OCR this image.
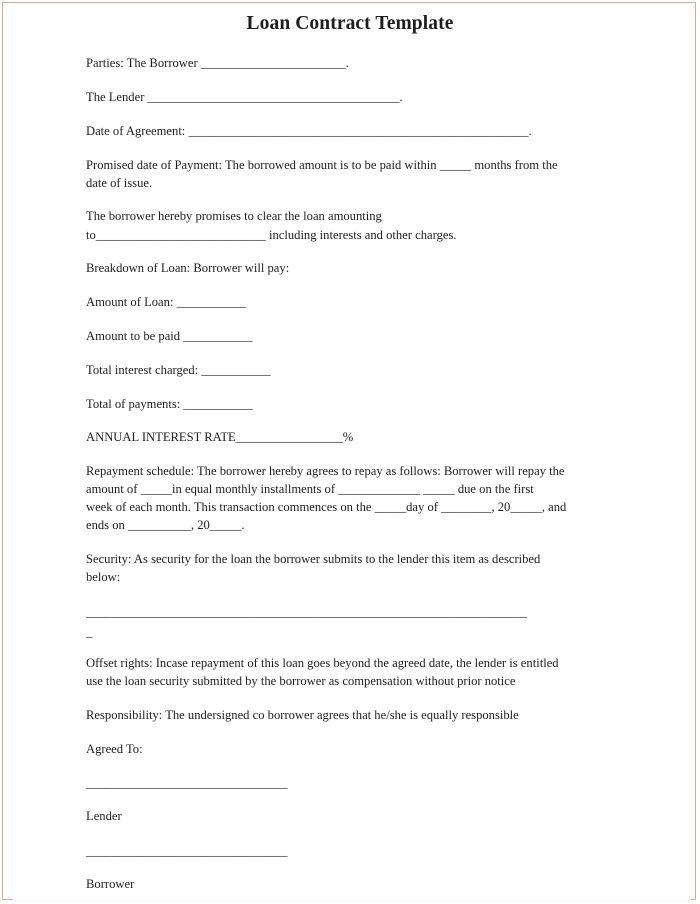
Loan Contract Template
Parties: The Borrower _______________________.
The Lender ________________________________________.
Date of Agreement: ______________________________________________________.
Promised date of Payment: The borrowed amount is to be paid within _____ months from the
date of issue.
The borrower hereby promises to clear the loan amounting
to___________________________ including interests and other charges.
Breakdown of Loan: Borrower will pay:
Amount of Loan: ___________
Amount to be paid ___________
Total interest charged: ___________
Total of payments: ___________
ANNUAL INTEREST RATE_________________%
Repayment schedule: The borrower hereby agrees to repay as follows: Borrower will repay the
amount of _____in equal monthly installments of _____________ _____ due on the first
week of each month. This transaction commences on the _____day of ________, 20_____, and
ends on __________, 20_____.
Security: As security for the loan the borrower submits to the lender this item as described
below:
______________________________________________________________________
_
Offset rights: Incase repayment of this loan goes beyond the agreed date, the lender is entitled
use the loan security submitted by the borrower as compensation without prior notice
Responsibility: The undersigned co borrower agrees that he/she is equally responsible
Agreed To:
________________________________
Lender
________________________________
Borrower
